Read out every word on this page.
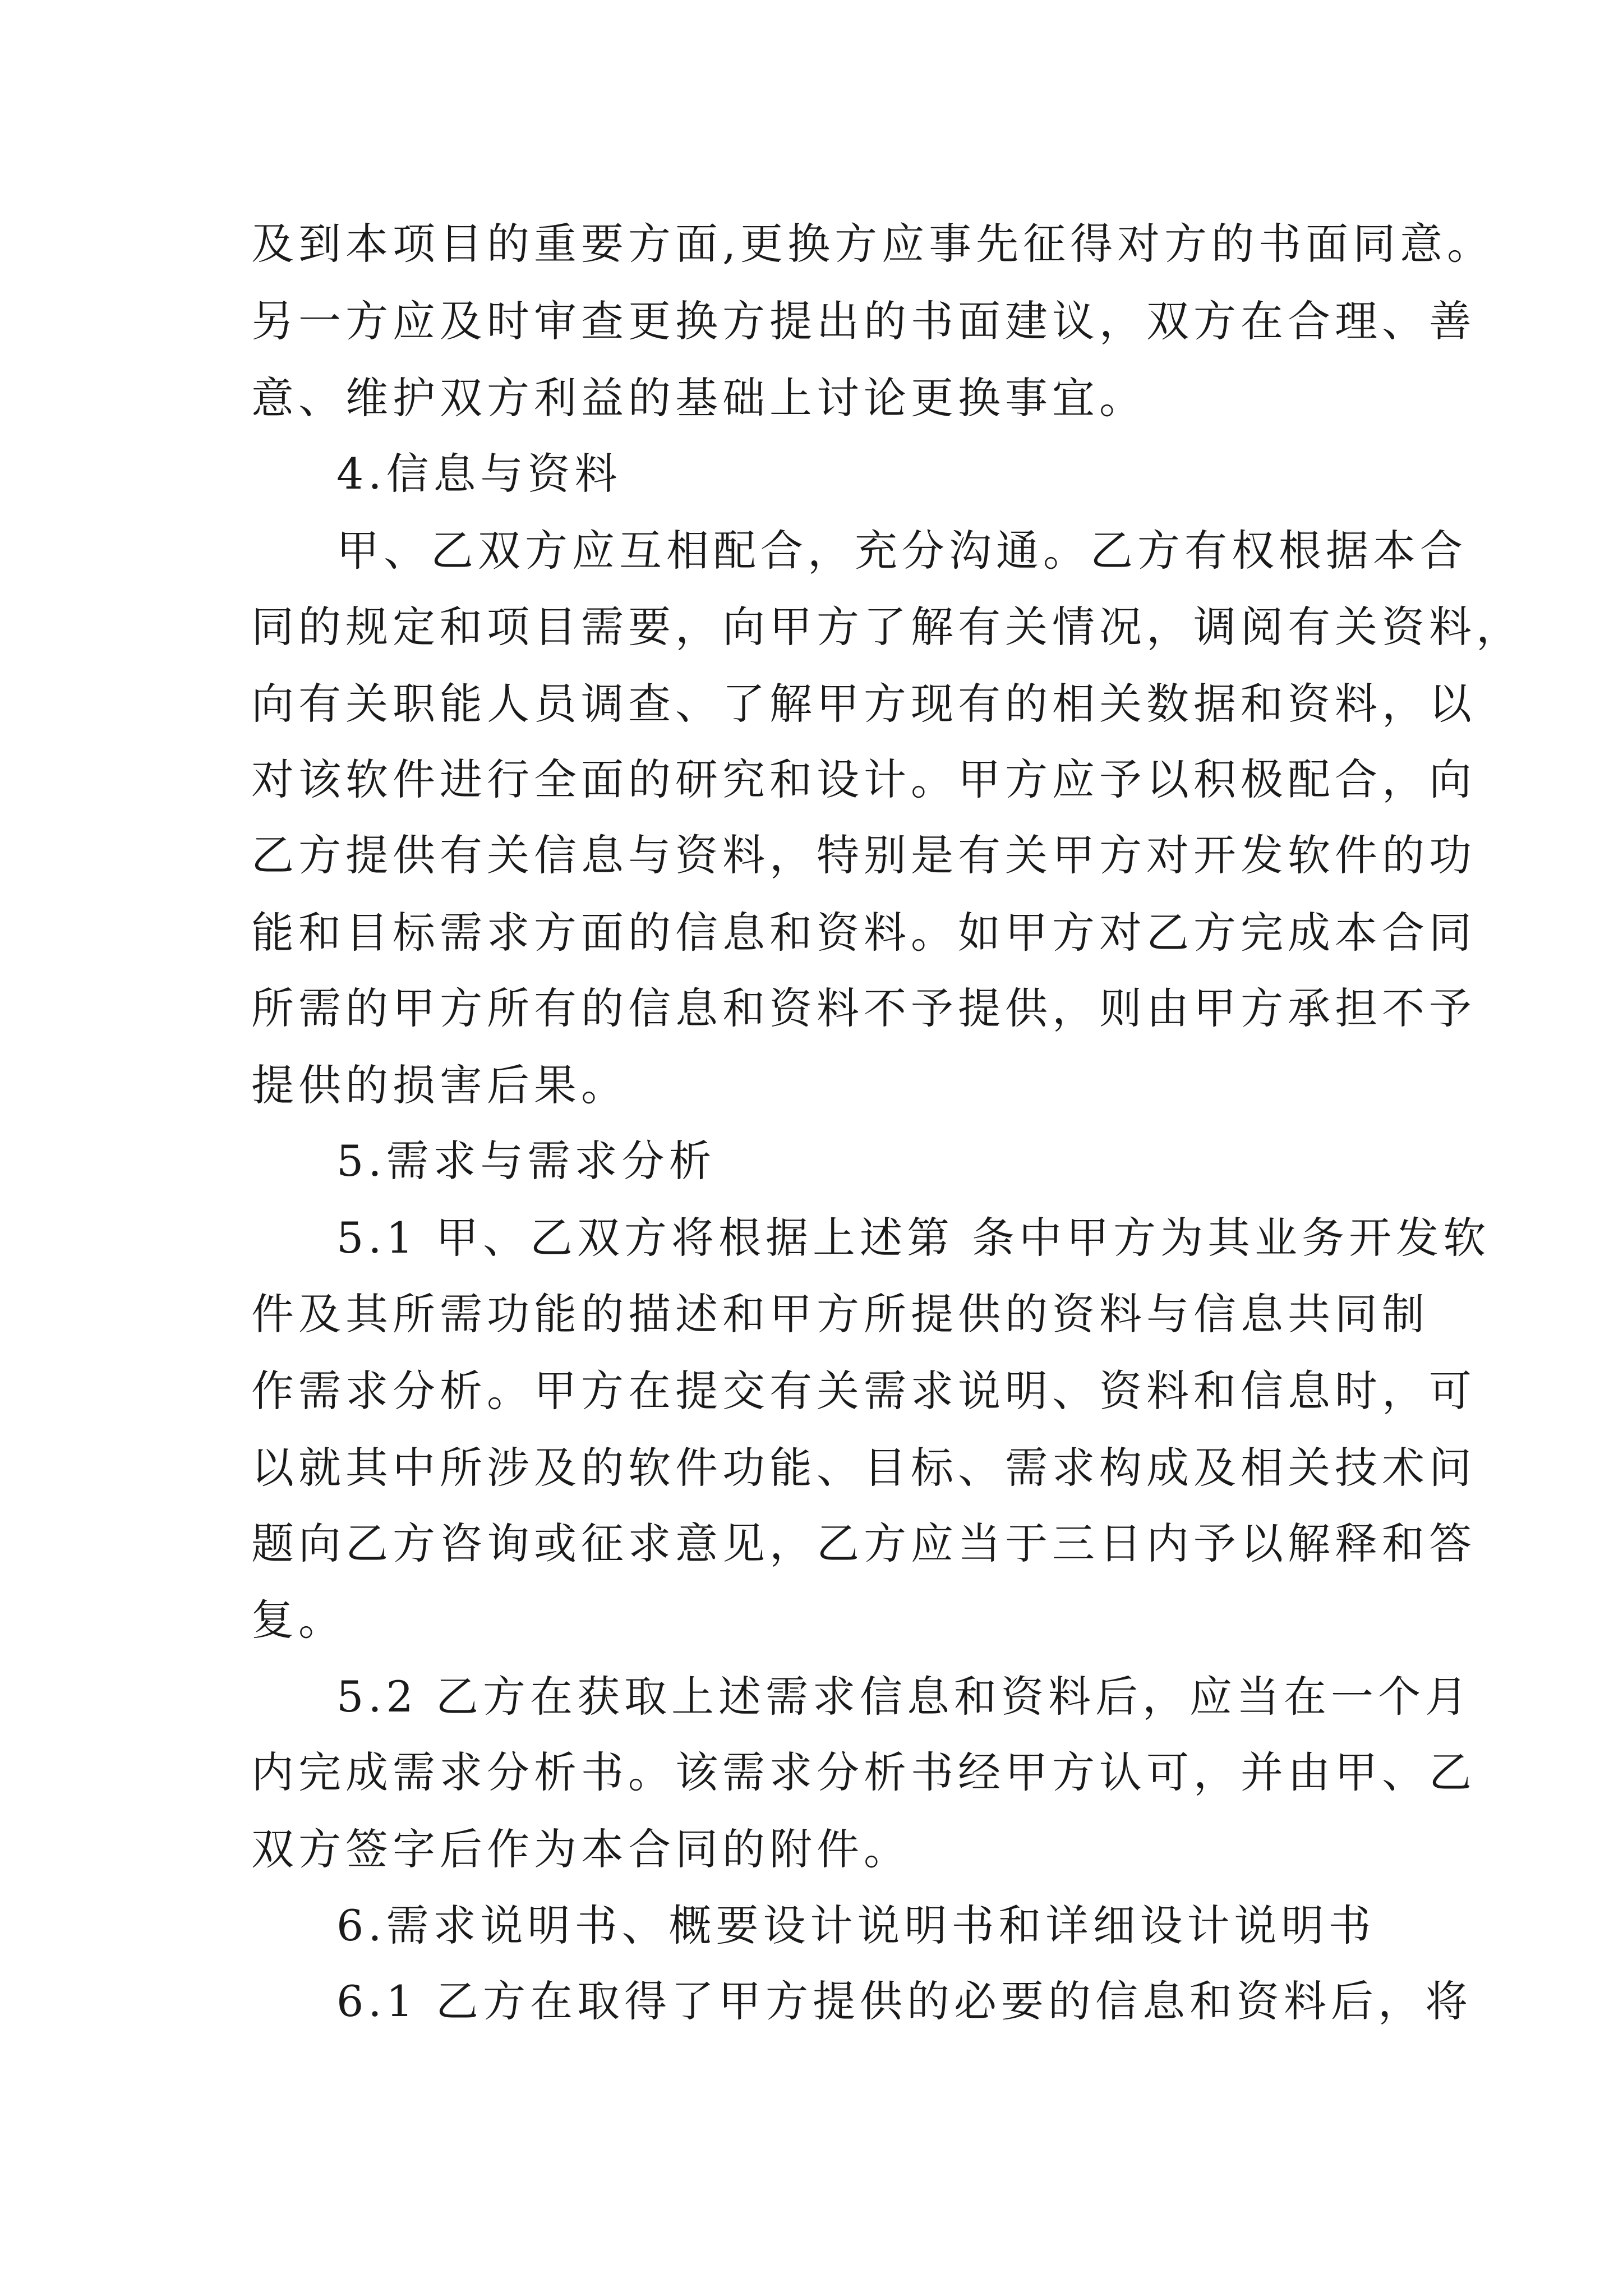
及到本项目的重要方面,更换方应事先征得对方的书面同意。
另一方应及时审查更换方提出的书面建议，双方在合理、善
意、维护双方利益的基础上讨论更换事宜。
4.信息与资料
甲、乙双方应互相配合，充分沟通。乙方有权根据本合
同的规定和项目需要，向甲方了解有关情况，调阅有关资料，
向有关职能人员调查、了解甲方现有的相关数据和资料，以
对该软件进行全面的研究和设计。甲方应予以积极配合，向
乙方提供有关信息与资料，特别是有关甲方对开发软件的功
能和目标需求方面的信息和资料。如甲方对乙方完成本合同
所需的甲方所有的信息和资料不予提供，则由甲方承担不予
提供的损害后果。
5.需求与需求分析
5.1 甲、乙双方将根据上述第 条中甲方为其业务开发软
件及其所需功能的描述和甲方所提供的资料与信息共同制
作需求分析。甲方在提交有关需求说明、资料和信息时，可
以就其中所涉及的软件功能、目标、需求构成及相关技术问
题向乙方咨询或征求意见，乙方应当于三日内予以解释和答
复。
5.2 乙方在获取上述需求信息和资料后，应当在一个月
内完成需求分析书。该需求分析书经甲方认可，并由甲、乙
双方签字后作为本合同的附件。
6.需求说明书、概要设计说明书和详细设计说明书
6.1 乙方在取得了甲方提供的必要的信息和资料后，将
